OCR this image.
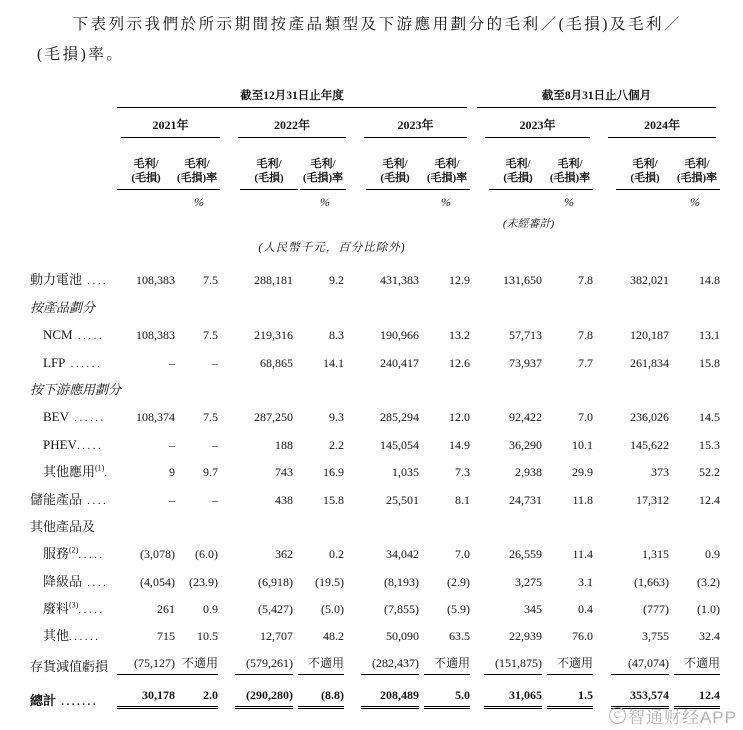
下表列示我們於所示期間按產品類型及下游應用劃分的毛利／(毛損)及毛利／
(毛損)率。

截至12月31日止年度	截至8月31日止八個月
2021年	2022年	2023年	2023年	2024年
毛利/
(毛損)
毛利/
(毛損)率
毛利/
(毛損)
毛利/
(毛損)率
毛利/
(毛損)
毛利/
(毛損)率
毛利/
(毛損)
毛利/
(毛損)率
毛利/
(毛損)
毛利/
(毛損)率
%	%	%	%	%
(未經審計)
(人民幣千元，百分比除外)
動力電池 ....	108,383	7.5	288,181	9.2	431,383	12.9	131,650	7.8	382,021	14.8
按產品劃分
NCM .....	108,383	7.5	219,316	8.3	190,966	13.2	57,713	7.8	120,187	13.1
LFP ......	–	–	68,865	14.1	240,417	12.6	73,937	7.7	261,834	15.8
按下游應用劃分
BEV ......	108,374	7.5	287,250	9.3	285,294	12.0	92,422	7.0	236,026	14.5
PHEV.....	–	–	188	2.2	145,054	14.9	36,290	10.1	145,622	15.3
其他應用$^{(1)}$.	9	9.7	743	16.9	1,035	7.3	2,938	29.9	373	52.2
儲能產品 ....	–	–	438	15.8	25,501	8.1	24,731	11.8	17,312	12.4
其他產品及
服務$^{(2)}$.....	(3,078)	(6.0)	362	0.2	34,042	7.0	26,559	11.4	1,315	0.9
降級品 ....	(4,054)	(23.9)	(6,918)	(19.5)	(8,193)	(2.9)	3,275	3.1	(1,663)	(3.2)
廢料$^{(3)}$.....	261	0.9	(5,427)	(5.0)	(7,855)	(5.9)	345	0.4	(777)	(1.0)
其他......	715	10.5	12,707	48.2	50,090	63.5	22,939	76.0	3,755	32.4
存貨減值虧損	(75,127) 不適用	(579,261)	不適用	(282,437)	不適用	(151,875)	不適用	(47,074)	不適用
總計 .......	30,178	2.0	(290,280)	(8.8)	208,489	5.0	31,065	1.5	353,574	12.4
C 智通财经APP
